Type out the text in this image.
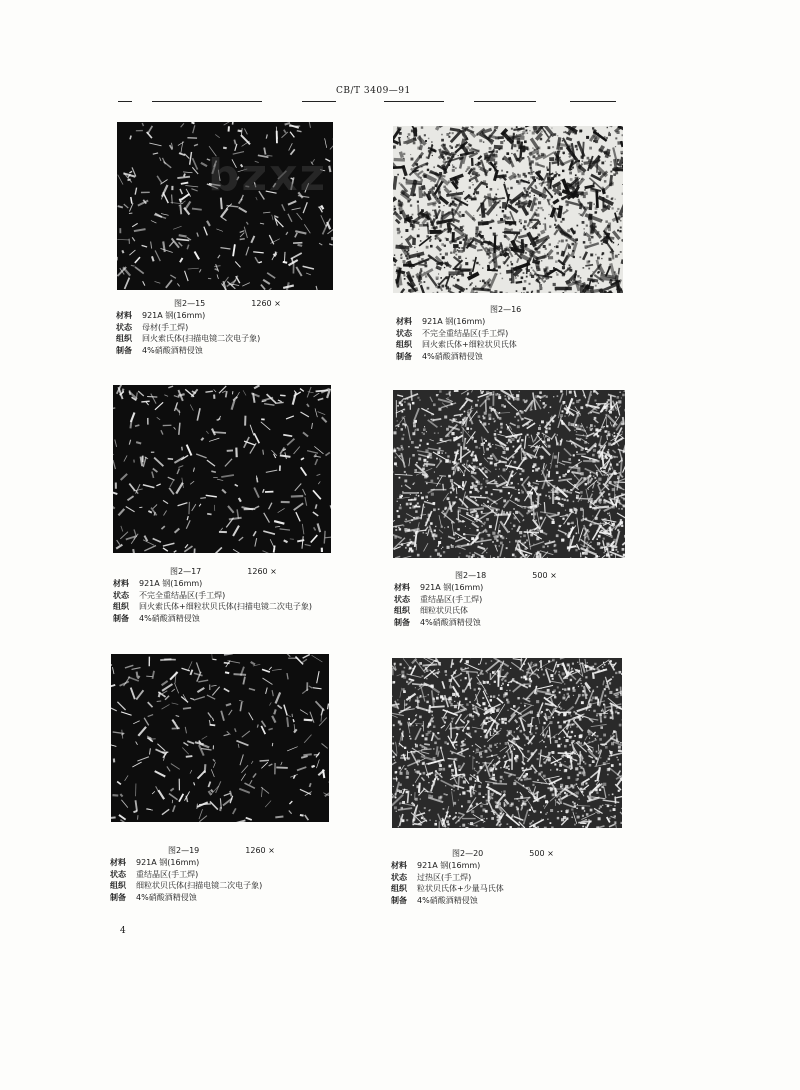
CB/T 3409—91
图2—15	1260 ×
材料	921A 钢(16mm)
状态	母材(手工焊)
组织	回火索氏体(扫描电镜二次电子象)
制备	4%硝酸酒精侵蚀
图2—16
材料	921A 钢(16mm)
状态	不完全重结晶区(手工焊)
组织	回火索氏体+细粒状贝氏体
制备	4%硝酸酒精侵蚀
图2—17	1260 ×
材料	921A 钢(16mm)
状态	不完全重结晶区(手工焊)
组织	回火索氏体+细粒状贝氏体(扫描电镜二次电子象)
制备	4%硝酸酒精侵蚀
图2—18	500 ×
材料	921A 钢(16mm)
状态	重结晶区(手工焊)
组织	细粒状贝氏体
制备	4%硝酸酒精侵蚀
图2—19	1260 ×
材料	921A 钢(16mm)
状态	重结晶区(手工焊)
组织	细粒状贝氏体(扫描电镜二次电子象)
制备	4%硝酸酒精侵蚀
图2—20	500 ×
材料	921A 钢(16mm)
状态	过热区(手工焊)
组织	粒状贝氏体+少量马氏体
制备	4%硝酸酒精侵蚀
bzxz
4
